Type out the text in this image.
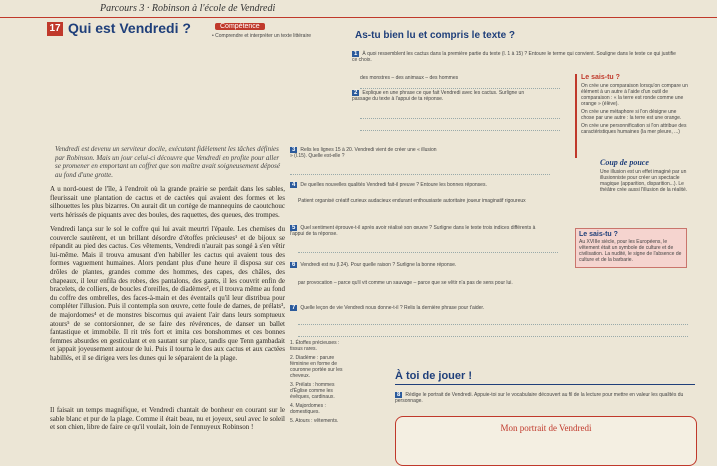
Parcours 3 · Robinson à l'école de Vendredi
17 Qui est Vendredi ?	Compétence
• Comprendre et interpréter un texte littéraire
Vendredi est devenu un serviteur docile, exécutant fidèlement les tâches définies par Robinson. Mais un jour celui-ci découvre que Vendredi en profite pour aller se promener en emportant un coffret que son maître avait soigneusement déposé au fond d'une grotte.
A u nord-ouest de l'île, à l'endroit où la grande prairie se perdait dans les sables, fleurissait une plantation de cactus et de cactées qui avaient des formes et les silhouettes les plus bizarres. On aurait dit un cortège de mannequins de caoutchouc verts hérissés de piquants avec des boules, des raquettes, des queues, des trompes.
Vendredi lança sur le sol le coffre qui lui avait meurtri l'épaule. Les chemises du couvercle sautèrent, et un brillant désordre d'étoffes précieuses¹ et de bijoux se répandit au pied des cactus. Ces vêtements, Vendredi n'aurait pas songé à s'en vêtir lui-même. Mais il trouva amusant d'en habiller les cactus qui avaient tous des formes vaguement humaines. Alors pendant plus d'une heure il disposa sur ces drôles de plantes, grandes comme des hommes, des capes, des châles, des chapeaux, il leur enfila des robes, des pantalons, des gants, il les couvrit enfin de bracelets, de colliers, de boucles d'oreilles, de diadèmes², et il trouva même au fond du coffre des ombrelles, des faces-à-main et des éventails qu'il leur distribua pour compléter l'illusion. Puis il contempla son œuvre, cette foule de dames, de prélats³, de majordomes⁴ et de monstres biscornus qui avaient l'air dans leurs somptueux atours⁵ de se contorsionner, de se faire des révérences, de danser un ballet fantastique et immobile. Il rit très fort et imita ces bonshommes et ces bonnes femmes absurdes en gesticulant et en sautant sur place, tandis que Tenn gambadait et jappait joyeusement autour de lui. Puis il tourna le dos aux cactus et aux cactées habillés, et il se dirigea vers les dunes qui le séparaient de la plage.
Il faisait un temps magnifique, et Vendredi chantait de bonheur en courant sur le sable blanc et pur de la plage. Comme il était beau, nu et joyeux, seul avec le soleil et son chien, libre de faire ce qu'il voulait, loin de l'ennuyeux Robinson !
1. Étoffes précieuses : tissus rares.
2. Diadème : parure féminine en forme de couronne portée sur les cheveux.
3. Prélats : hommes d'Église comme les évêques, cardinaux.
4. Majordomes : domestiques.
5. Atours : vêtements.
As-tu bien lu et compris le texte ?
1 À quoi ressemblent les cactus dans la première partie du texte (l. 1 à 15) ? Entoure le terme qui convient. Souligne dans le texte ce qui justifie ce choix.
des monstres – des animaux – des hommes
2 Explique en une phrase ce que fait Vendredi avec les cactus. Surligne un passage du texte à l'appui de ta réponse.
Le sais-tu ?
On crée une comparaison lorsqu'on compare un élément à un autre à l'aide d'un outil de comparaison : « la terre est ronde comme une orange » (élève).
On crée une métaphore si l'on désigne une chose par une autre : la terre est une orange.
On crée une personnification si l'on attribue des caractéristiques humaines (la mer pleure, ...)
3 Relis les lignes 15 à 20. Vendredi vient de créer une « illusion » (l.15). Quelle est-elle ?
Coup de pouce
Une illusion est un effet imaginé par un illusionniste pour créer un spectacle magique (apparition, disparition...). Le théâtre crée aussi l'illusion de la réalité.
4 De quelles nouvelles qualités Vendredi fait-il preuve ? Entoure les bonnes réponses.
Patient organisé créatif curieux audacieux endurant enthousiaste autoritaire joueur imaginatif rigoureux
5 Quel sentiment éprouve-t-il après avoir réalisé son œuvre ? Surligne dans le texte trois indices différents à l'appui de ta réponse.	Le sais-tu ?
Au XVIIIe siècle, pour les Européens, le vêtement était un symbole de culture et de civilisation. La nudité, le signe de l'absence de culture et de la barbarie.
6 Vendredi est nu (l.24). Pour quelle raison ? Surligne la bonne réponse.
par provocation – parce qu'il vit comme un sauvage – parce que se vêtir n'a pas de sens pour lui.
7 Quelle leçon de vie Vendredi nous donne-t-il ? Relis la dernière phrase pour t'aider.
À toi de jouer !
8 Rédige le portrait de Vendredi. Appuie-toi sur le vocabulaire découvert au fil de la lecture pour mettre en valeur les qualités du personnage.
Mon portrait de Vendredi
